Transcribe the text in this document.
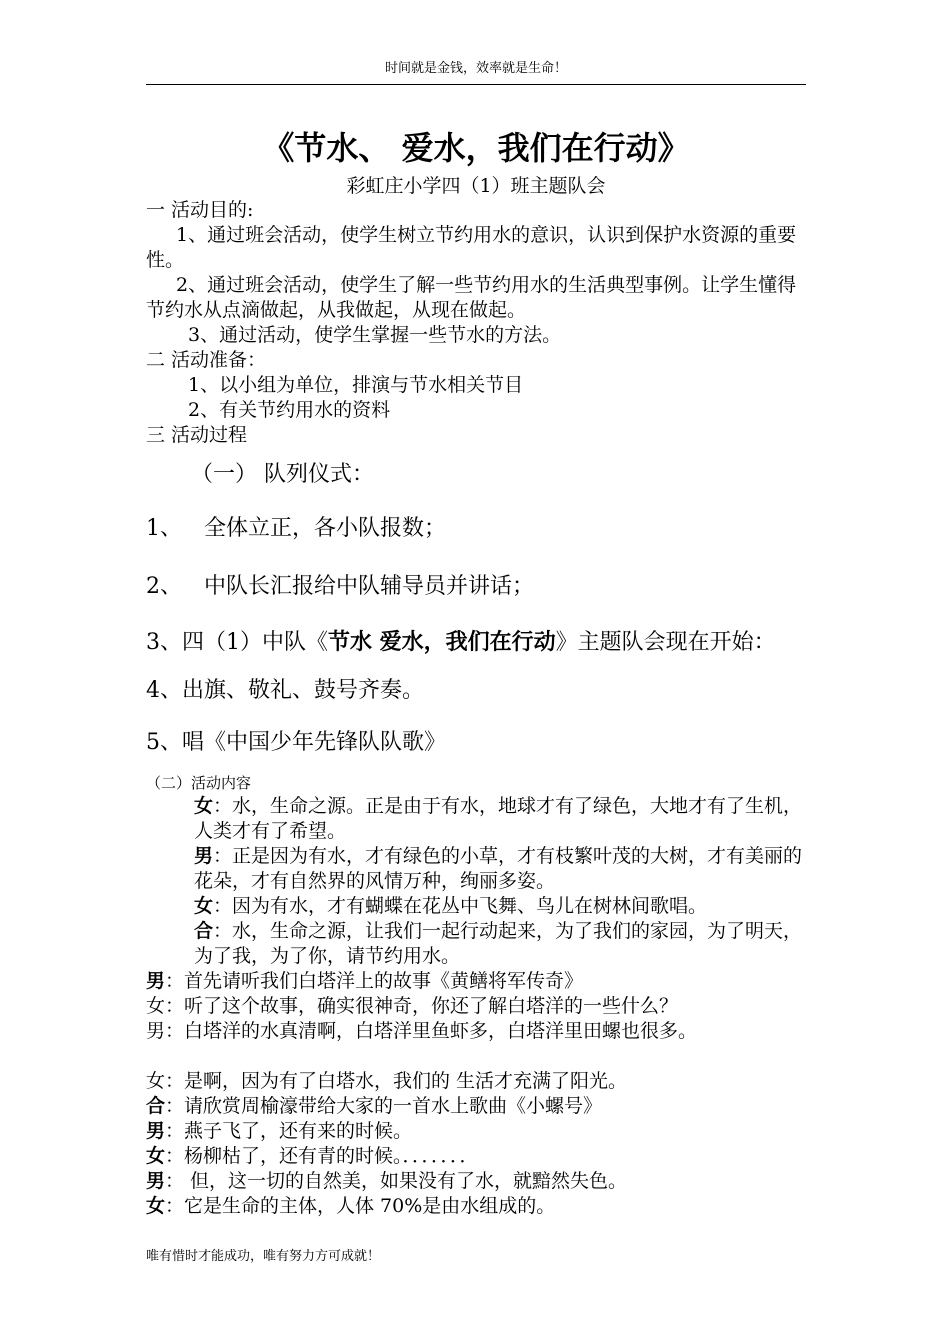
时间就是金钱，效率就是生命！
《节水、 爱水，我们在行动》
彩虹庄小学四（1）班主题队会

一 活动目的:

1、通过班会活动，使学生树立节约用水的意识，认识到保护水资源的重要性。

2、通过班会活动，使学生了解一些节约用水的生活典型事例。让学生懂得节约水从点滴做起，从我做起，从现在做起。

3、通过活动，使学生掌握一些节水的方法。

二 活动准备：

1、以小组为单位，排演与节水相关节目

2、有关节约用水的资料

三 活动过程

（一） 队列仪式：

1、 全体立正，各小队报数；

2、 中队长汇报给中队辅导员并讲话；

3、四（1）中队《节水 爱水，我们在行动》主题队会现在开始：

4、出旗、敬礼、鼓号齐奏。

5、唱《中国少年先锋队队歌》

（二）活动内容

女：水，生命之源。正是由于有水，地球才有了绿色，大地才有了生机，人类才有了希望。

男：正是因为有水，才有绿色的小草，才有枝繁叶茂的大树，才有美丽的花朵，才有自然界的风情万种，绚丽多姿。

女：因为有水，才有蝴蝶在花丛中飞舞、鸟儿在树林间歌唱。

合：水，生命之源，让我们一起行动起来，为了我们的家园，为了明天，为了我，为了你，请节约用水。

男：首先请听我们白塔洋上的故事《黄鳝将军传奇》

女：听了这个故事，确实很神奇，你还了解白塔洋的一些什么？

男：白塔洋的水真清啊，白塔洋里鱼虾多，白塔洋里田螺也很多。

女：是啊，因为有了白塔水，我们的 生活才充满了阳光。

合：请欣赏周榆濠带给大家的一首水上歌曲《小螺号》

男：燕子飞了，还有来的时候。

女：杨柳枯了，还有青的时候。．．．．．．．

男： 但，这一切的自然美，如果没有了水，就黯然失色。

女：它是生命的主体，人体 70%是由水组成的。

唯有惜时才能成功，唯有努力方可成就！
